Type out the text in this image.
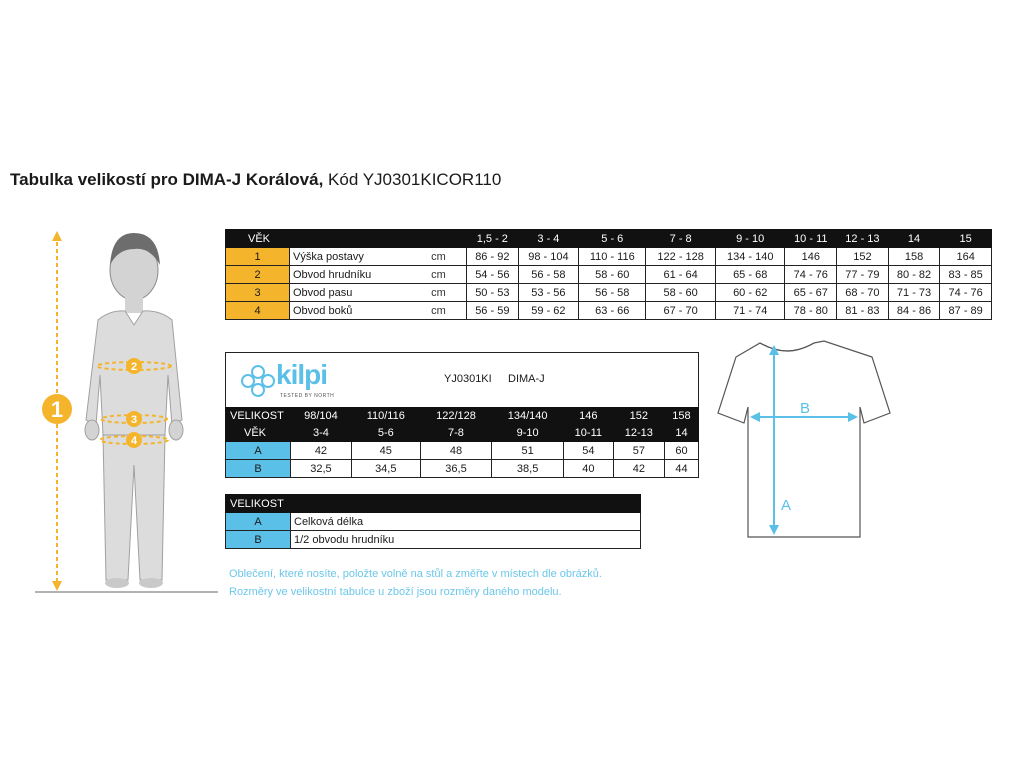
Tabulka velikostí pro DIMA-J Korálová, Kód YJ0301KICOR110
1
2
3
4
VĚK			1,5 - 2	3 - 4	5 - 6	7 - 8	9 - 10	10 - 11	12 - 13	14	15
1	Výška postavy	cm	86 - 92	98 - 104	110 - 116	122 - 128	134 - 140	146	152	158	164
2	Obvod hrudníku	cm	54 - 56	56 - 58	58 - 60	61 - 64	65 - 68	74 - 76	77 - 79	80 - 82	83 - 85
3	Obvod pasu	cm	50 - 53	53 - 56	56 - 58	58 - 60	60 - 62	65 - 67	68 - 70	71 - 73	74 - 76
4	Obvod boků	cm	56 - 59	59 - 62	63 - 66	67 - 70	71 - 74	78 - 80	81 - 83	84 - 86	87 - 89
kilpi
TESTED BY NORTH
YJ0301KI DIMA-J
VELIKOST	98/104	110/116	122/128	134/140	146	152	158
VĚK	3-4	5-6	7-8	9-10	10-11	12-13	14
A	42	45	48	51	54	57	60
B	32,5	34,5	36,5	38,5	40	42	44
B
A
VELIKOST	
A	Celková délka
B	1/2 obvodu hrudníku
Oblečení, které nosíte, položte volně na stůl a změřte v místech dle obrázků.
Rozměry ve velikostní tabulce u zboží jsou rozměry daného modelu.
